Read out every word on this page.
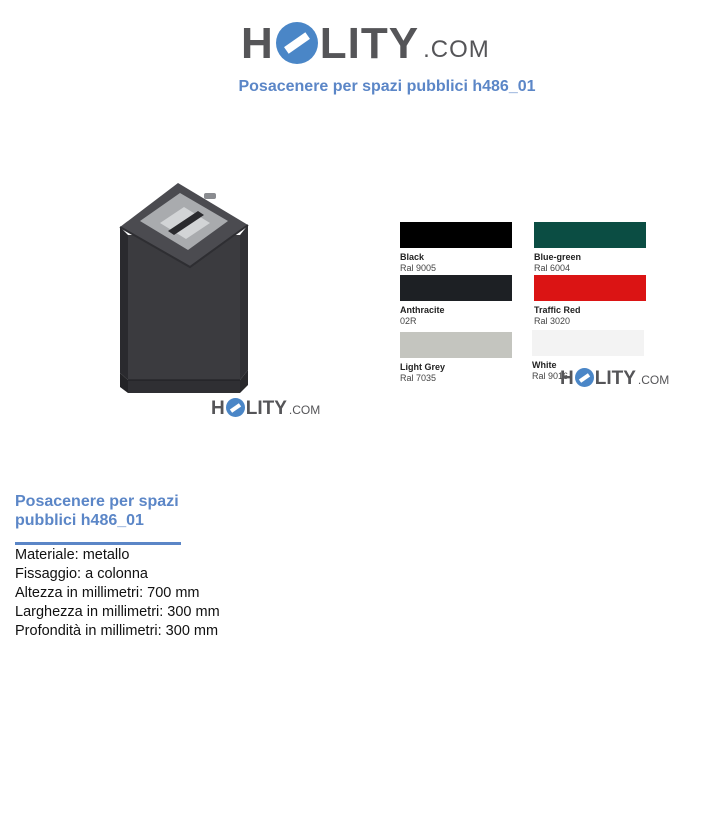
H LITY .COM
Posacenere per spazi pubblici h486_01
H LITY .COM
Black
Ral 9005
Blue-green
Ral 6004
Anthracite
02R
Traffic Red
Ral 3020
Light Grey
Ral 7035
White
Ral 9016
H LITY .COM
Posacenere per spazi pubblici h486_01
Materiale: metallo
Fissaggio: a colonna
Altezza in millimetri: 700 mm
Larghezza in millimetri: 300 mm
Profondità in millimetri: 300 mm
